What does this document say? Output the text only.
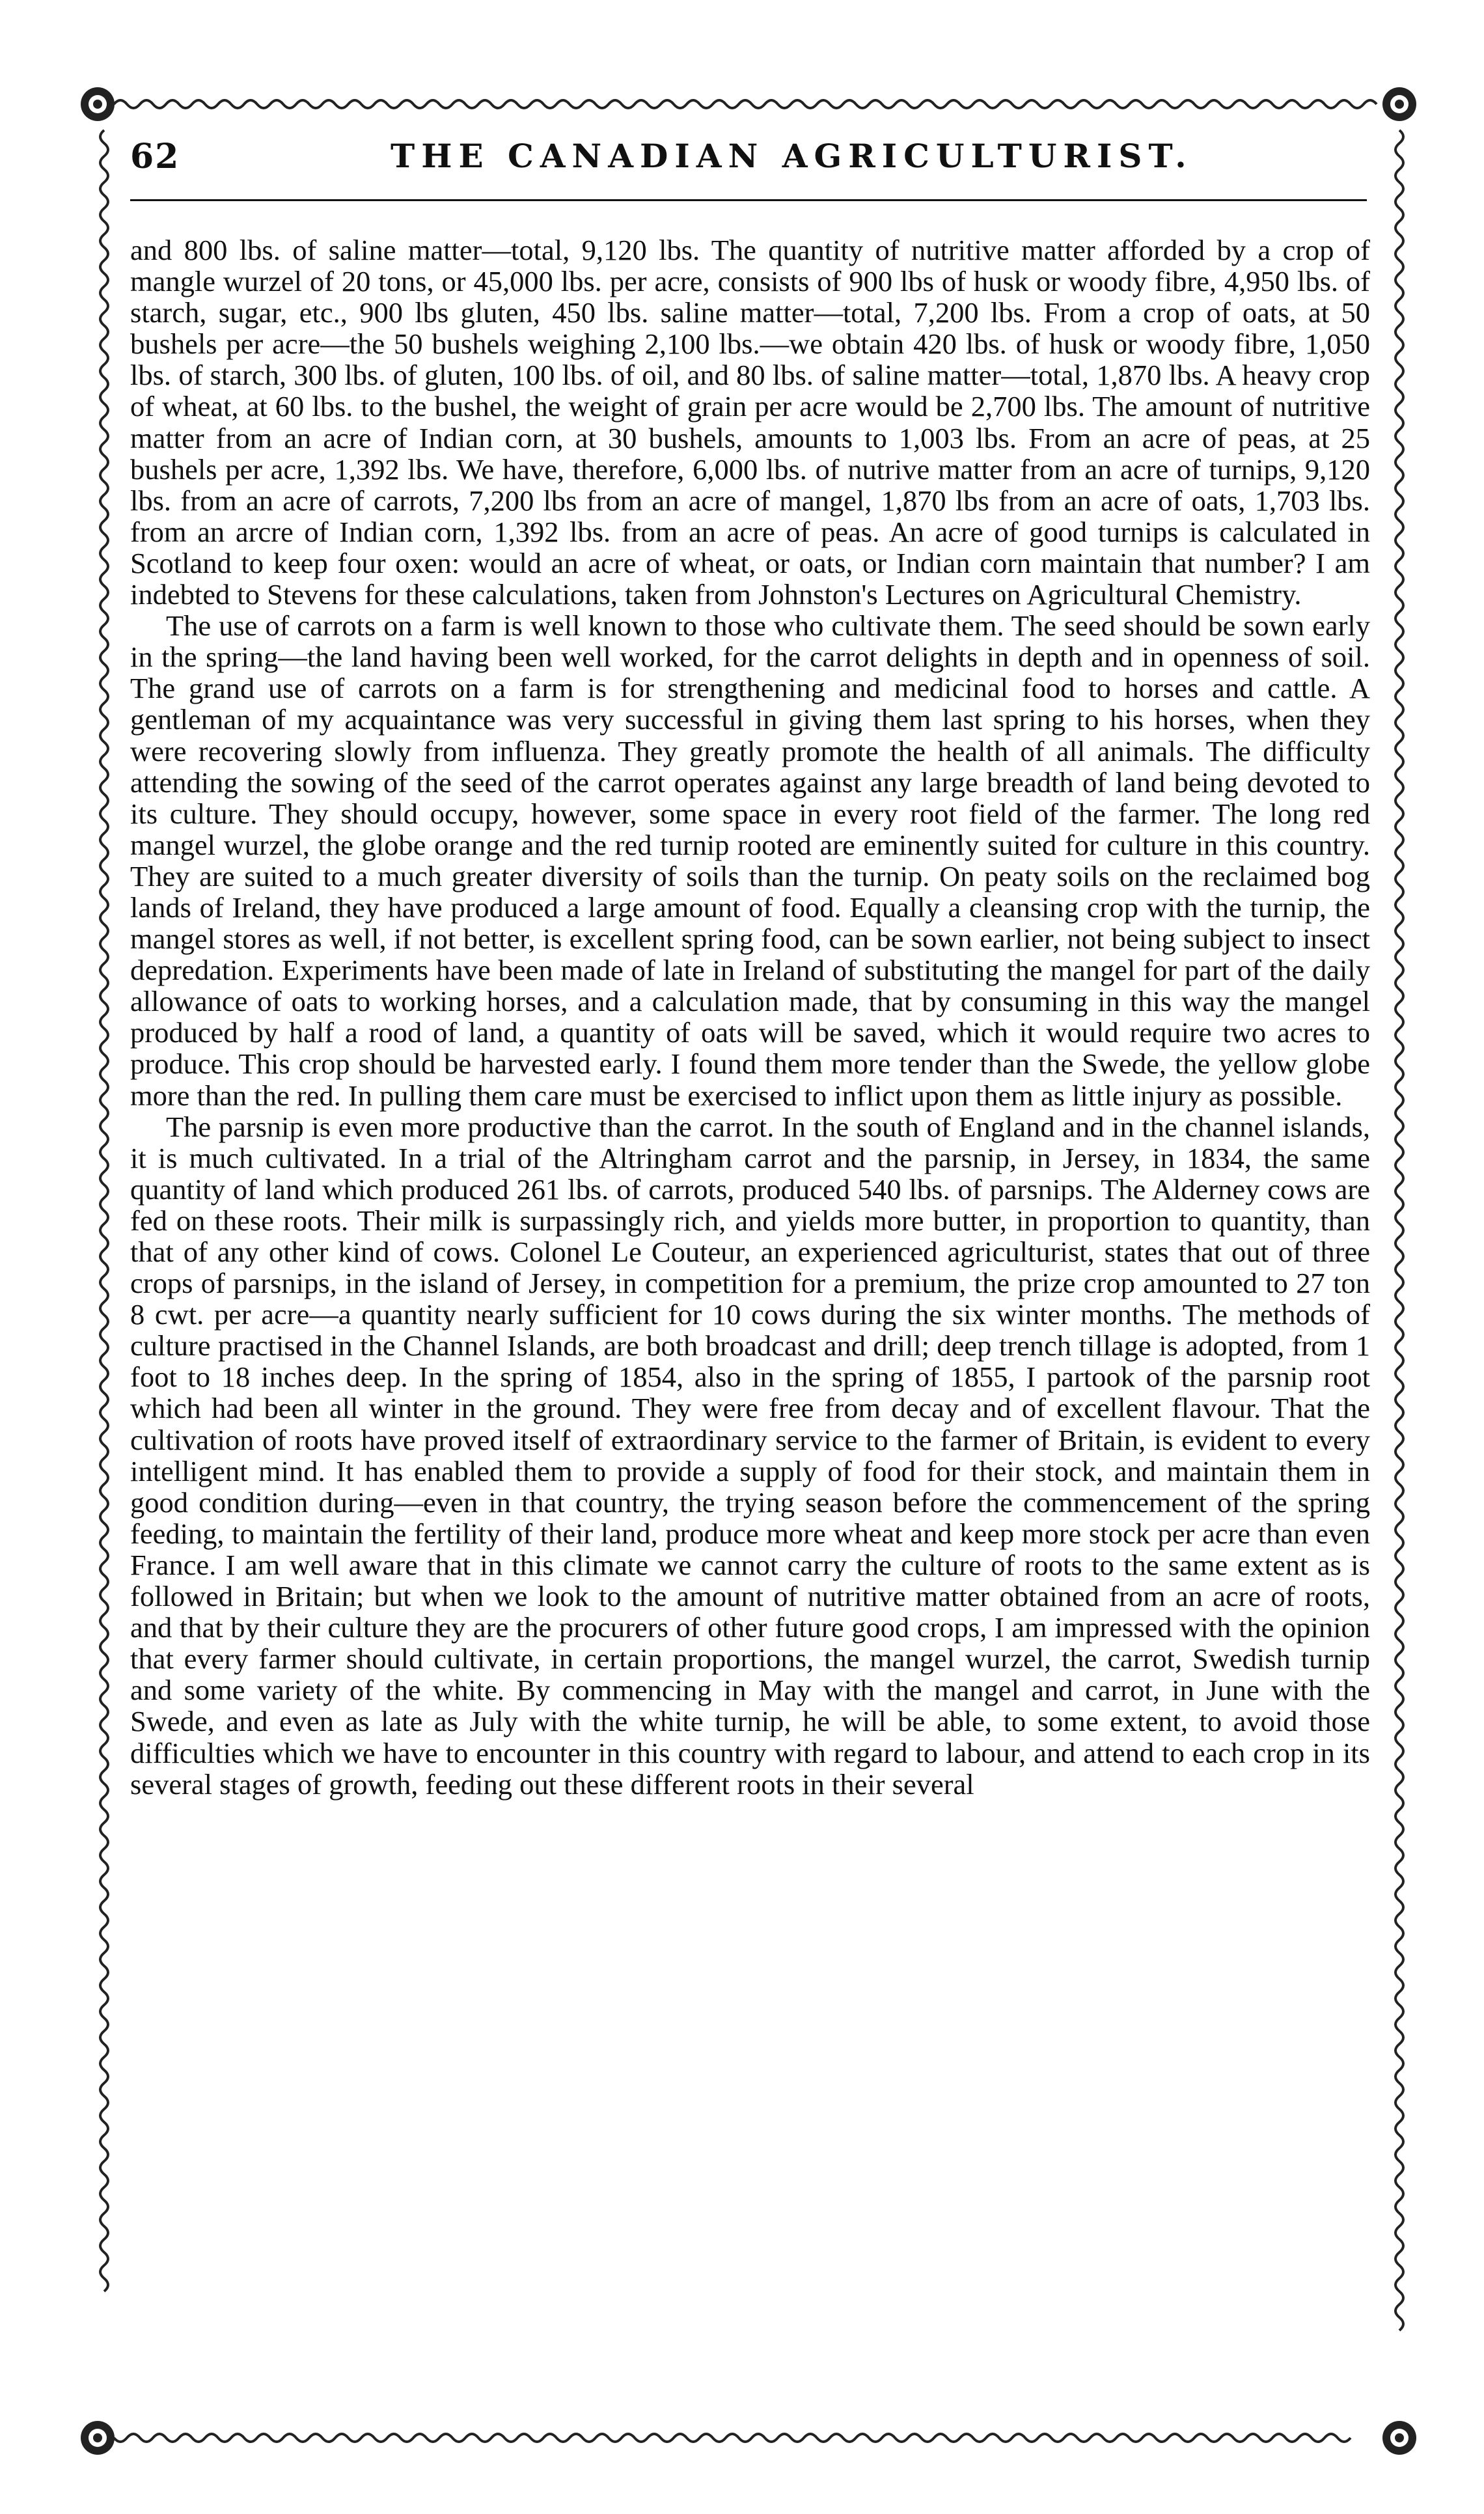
62	THE CANADIAN AGRICULTURIST.

and 800 lbs. of saline matter—total, 9,120 lbs. The quantity of nutritive matter afforded by a crop of mangle wurzel of 20 tons, or 45,000 lbs. per acre, consists of 900 lbs of husk or woody fibre, 4,950 lbs. of starch, sugar, etc., 900 lbs gluten, 450 lbs. saline matter—total, 7,200 lbs. From a crop of oats, at 50 bushels per acre—the 50 bushels weighing 2,100 lbs.—we obtain 420 lbs. of husk or woody fibre, 1,050 lbs. of starch, 300 lbs. of gluten, 100 lbs. of oil, and 80 lbs. of saline matter—total, 1,870 lbs. A heavy crop of wheat, at 60 lbs. to the bushel, the weight of grain per acre would be 2,700 lbs. The amount of nutritive matter from an acre of Indian corn, at 30 bushels, amounts to 1,003 lbs. From an acre of peas, at 25 bushels per acre, 1,392 lbs. We have, therefore, 6,000 lbs. of nutrive matter from an acre of turnips, 9,120 lbs. from an acre of carrots, 7,200 lbs from an acre of mangel, 1,870 lbs from an acre of oats, 1,703 lbs. from an arcre of Indian corn, 1,392 lbs. from an acre of peas. An acre of good turnips is calculated in Scotland to keep four oxen: would an acre of wheat, or oats, or Indian corn maintain that number? I am indebted to Stevens for these calculations, taken from Johnston's Lectures on Agricultural Chemistry.

The use of carrots on a farm is well known to those who cultivate them. The seed should be sown early in the spring—the land having been well worked, for the carrot delights in depth and in openness of soil. The grand use of carrots on a farm is for strengthening and medicinal food to horses and cattle. A gentleman of my acquaintance was very successful in giving them last spring to his horses, when they were recovering slowly from influenza. They greatly promote the health of all animals. The difficulty attending the sowing of the seed of the carrot operates against any large breadth of land being devoted to its culture. They should occupy, however, some space in every root field of the farmer. The long red mangel wurzel, the globe orange and the red turnip rooted are eminently suited for culture in this country. They are suited to a much greater diversity of soils than the turnip. On peaty soils on the reclaimed bog lands of Ireland, they have produced a large amount of food. Equally a cleansing crop with the turnip, the mangel stores as well, if not better, is excellent spring food, can be sown earlier, not being subject to insect depredation. Experiments have been made of late in Ireland of substituting the mangel for part of the daily allowance of oats to working horses, and a calculation made, that by consuming in this way the mangel produced by half a rood of land, a quantity of oats will be saved, which it would require two acres to produce. This crop should be harvested early. I found them more tender than the Swede, the yellow globe more than the red. In pulling them care must be exercised to inflict upon them as little injury as possible.

The parsnip is even more productive than the carrot. In the south of England and in the channel islands, it is much cultivated. In a trial of the Altringham carrot and the parsnip, in Jersey, in 1834, the same quantity of land which produced 261 lbs. of carrots, produced 540 lbs. of parsnips. The Alderney cows are fed on these roots. Their milk is surpassingly rich, and yields more butter, in proportion to quantity, than that of any other kind of cows. Colonel Le Couteur, an experienced agriculturist, states that out of three crops of parsnips, in the island of Jersey, in competition for a premium, the prize crop amounted to 27 ton 8 cwt. per acre—a quantity nearly sufficient for 10 cows during the six winter months. The methods of culture practised in the Channel Islands, are both broadcast and drill; deep trench tillage is adopted, from 1 foot to 18 inches deep. In the spring of 1854, also in the spring of 1855, I partook of the parsnip root which had been all winter in the ground. They were free from decay and of excellent flavour. That the cultivation of roots have proved itself of extraordinary service to the farmer of Britain, is evident to every intelligent mind. It has enabled them to provide a supply of food for their stock, and maintain them in good condition during—even in that country, the trying season before the commencement of the spring feeding, to maintain the fertility of their land, produce more wheat and keep more stock per acre than even France. I am well aware that in this climate we cannot carry the culture of roots to the same extent as is followed in Britain; but when we look to the amount of nutritive matter obtained from an acre of roots, and that by their culture they are the procurers of other future good crops, I am impressed with the opinion that every farmer should cultivate, in certain proportions, the mangel wurzel, the carrot, Swedish turnip and some variety of the white. By commencing in May with the mangel and carrot, in June with the Swede, and even as late as July with the white turnip, he will be able, to some extent, to avoid those difficulties which we have to encounter in this country with regard to labour, and attend to each crop in its several stages of growth, feeding out these different roots in their several
